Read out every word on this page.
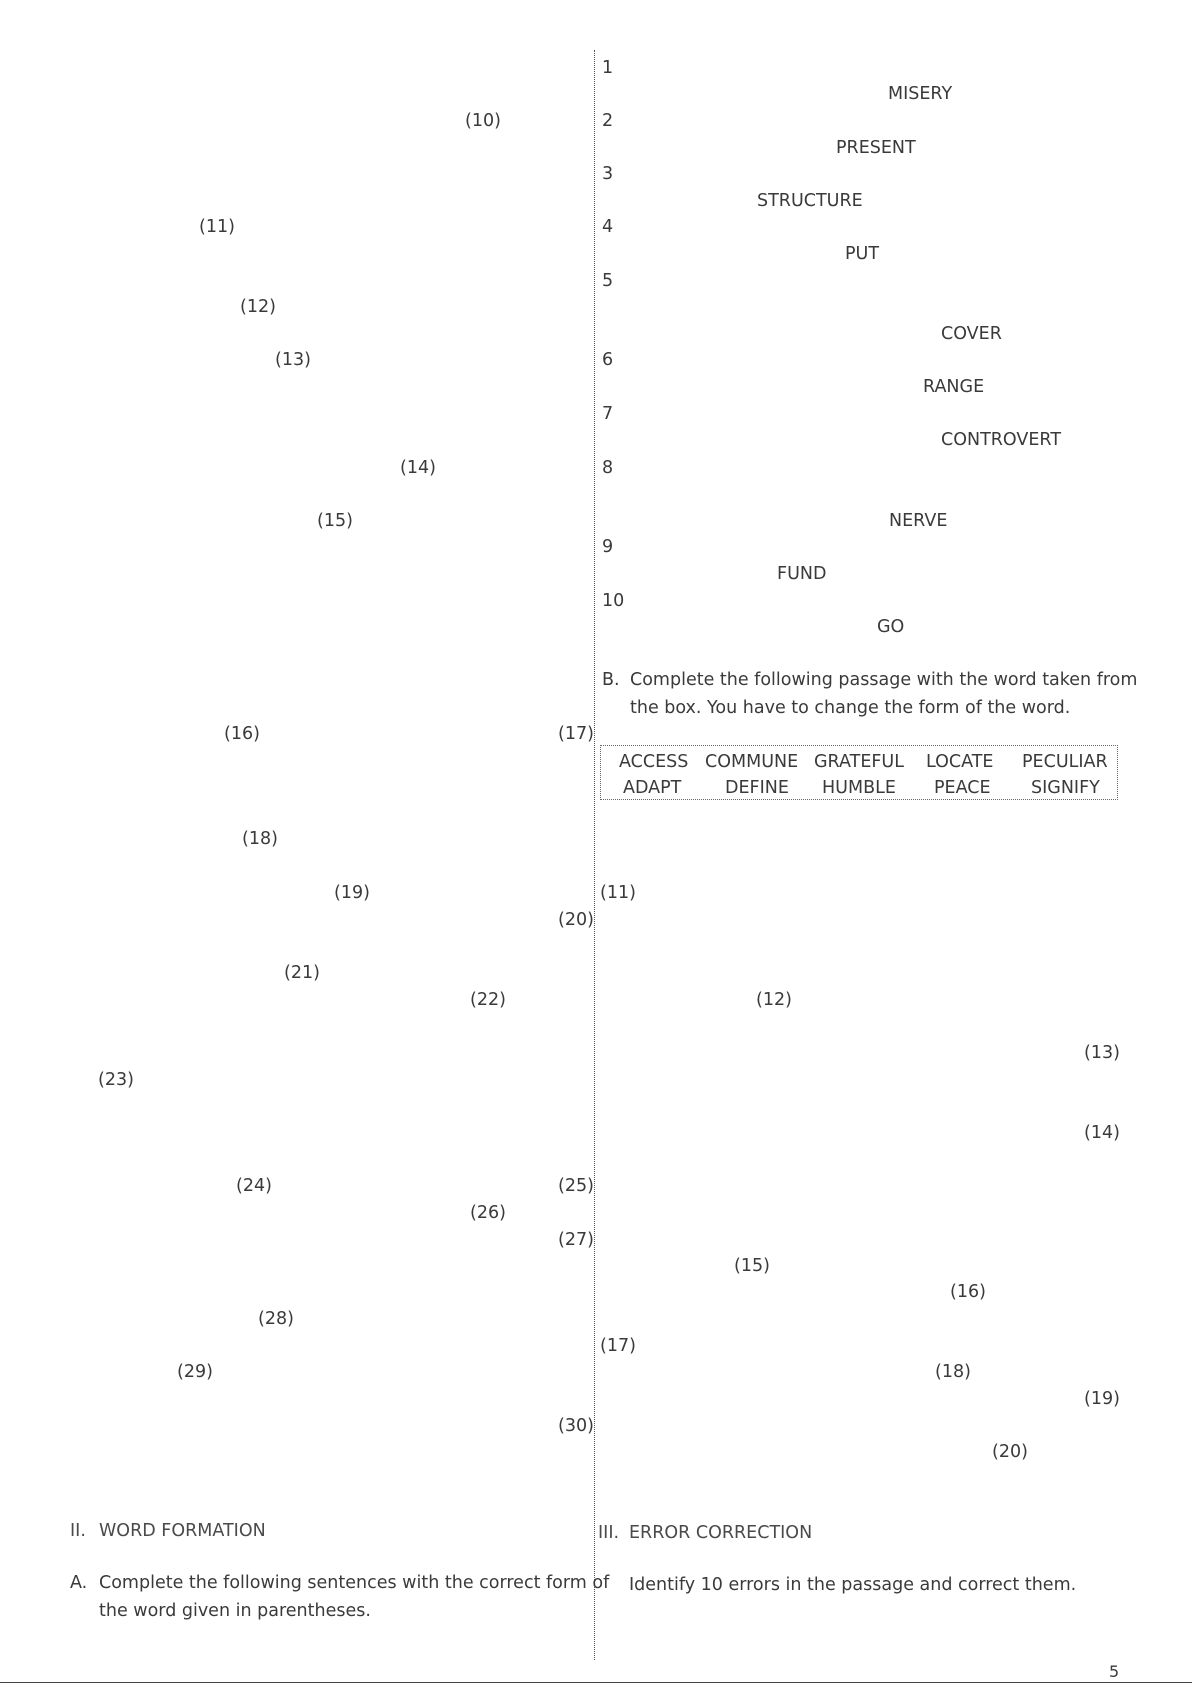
(10)
(11)
(12)
(13)
(14)
(15)
(16)	(17)
(18)
(19)
(20)
(21)
(22)
(23)
(24)	(25)
(26)
(27)
(28)
(29)
(30)
II. WORD FORMATION
A. Complete the following sentences with the correct form of
the word given in parentheses.
1
2
3
4
5
6
7
8
9
10
MISERY
PRESENT
STRUCTURE
PUT
COVER
RANGE
CONTROVERT
NERVE
FUND
GO
B. Complete the following passage with the word taken from
the box. You have to change the form of the word.
ACCESS COMMUNE GRATEFUL LOCATE PECULIAR
ADAPT DEFINE HUMBLE PEACE SIGNIFY
(11)
(12)
(13)
(14)
(15)
(16)
(17)
(18)
(19)
(20)
III. ERROR CORRECTION
Identify 10 errors in the passage and correct them.
5
